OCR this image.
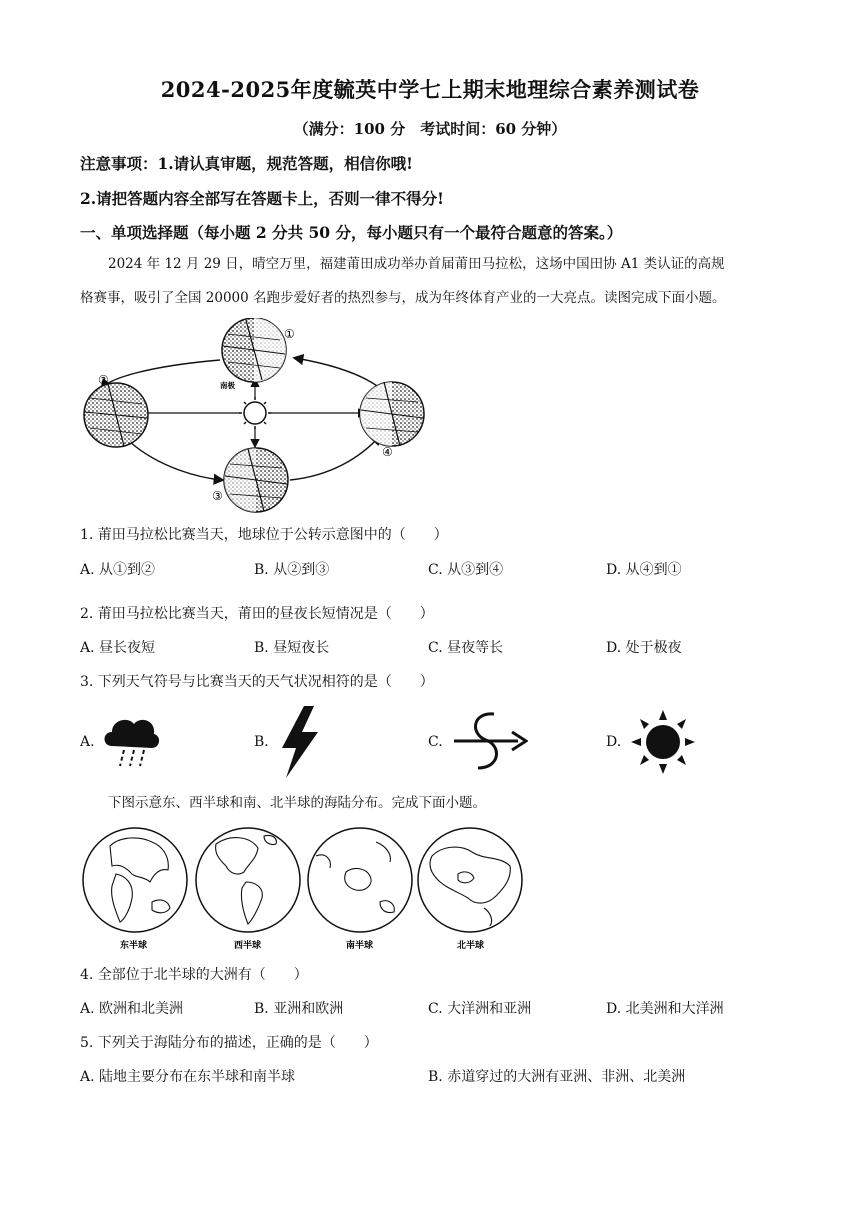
2024-2025年度毓英中学七上期末地理综合素养测试卷
（满分：100 分　考试时间：60 分钟）
注意事项：1.请认真审题，规范答题，相信你哦!
2.请把答题内容全部写在答题卡上，否则一律不得分!
一、单项选择题（每小题 2 分共 50 分，每小题只有一个最符合题意的答案。）
2024 年 12 月 29 日，晴空万里，福建莆田成功举办首届莆田马拉松，这场中国田协 A1 类认证的高规
格赛事，吸引了全国 20000 名跑步爱好者的热烈参与，成为年终体育产业的一大亮点。读图完成下面小题。
①
②
③
④
南极
1. 莆田马拉松比赛当天，地球位于公转示意图中的（　　）
A. 从①到②	B. 从②到③	C. 从③到④	D. 从④到①
2. 莆田马拉松比赛当天，莆田的昼夜长短情况是（　　）
A. 昼长夜短	B. 昼短夜长	C. 昼夜等长	D. 处于极夜
3. 下列天气符号与比赛当天的天气状况相符的是（　　）
A.	B.	C.	D.
下图示意东、西半球和南、北半球的海陆分布。完成下面小题。
东半球	西半球	南半球	北半球
4. 全部位于北半球的大洲有（　　）
A. 欧洲和北美洲	B. 亚洲和欧洲	C. 大洋洲和亚洲	D. 北美洲和大洋洲
5. 下列关于海陆分布的描述，正确的是（　　）
A. 陆地主要分布在东半球和南半球	B. 赤道穿过的大洲有亚洲、非洲、北美洲
